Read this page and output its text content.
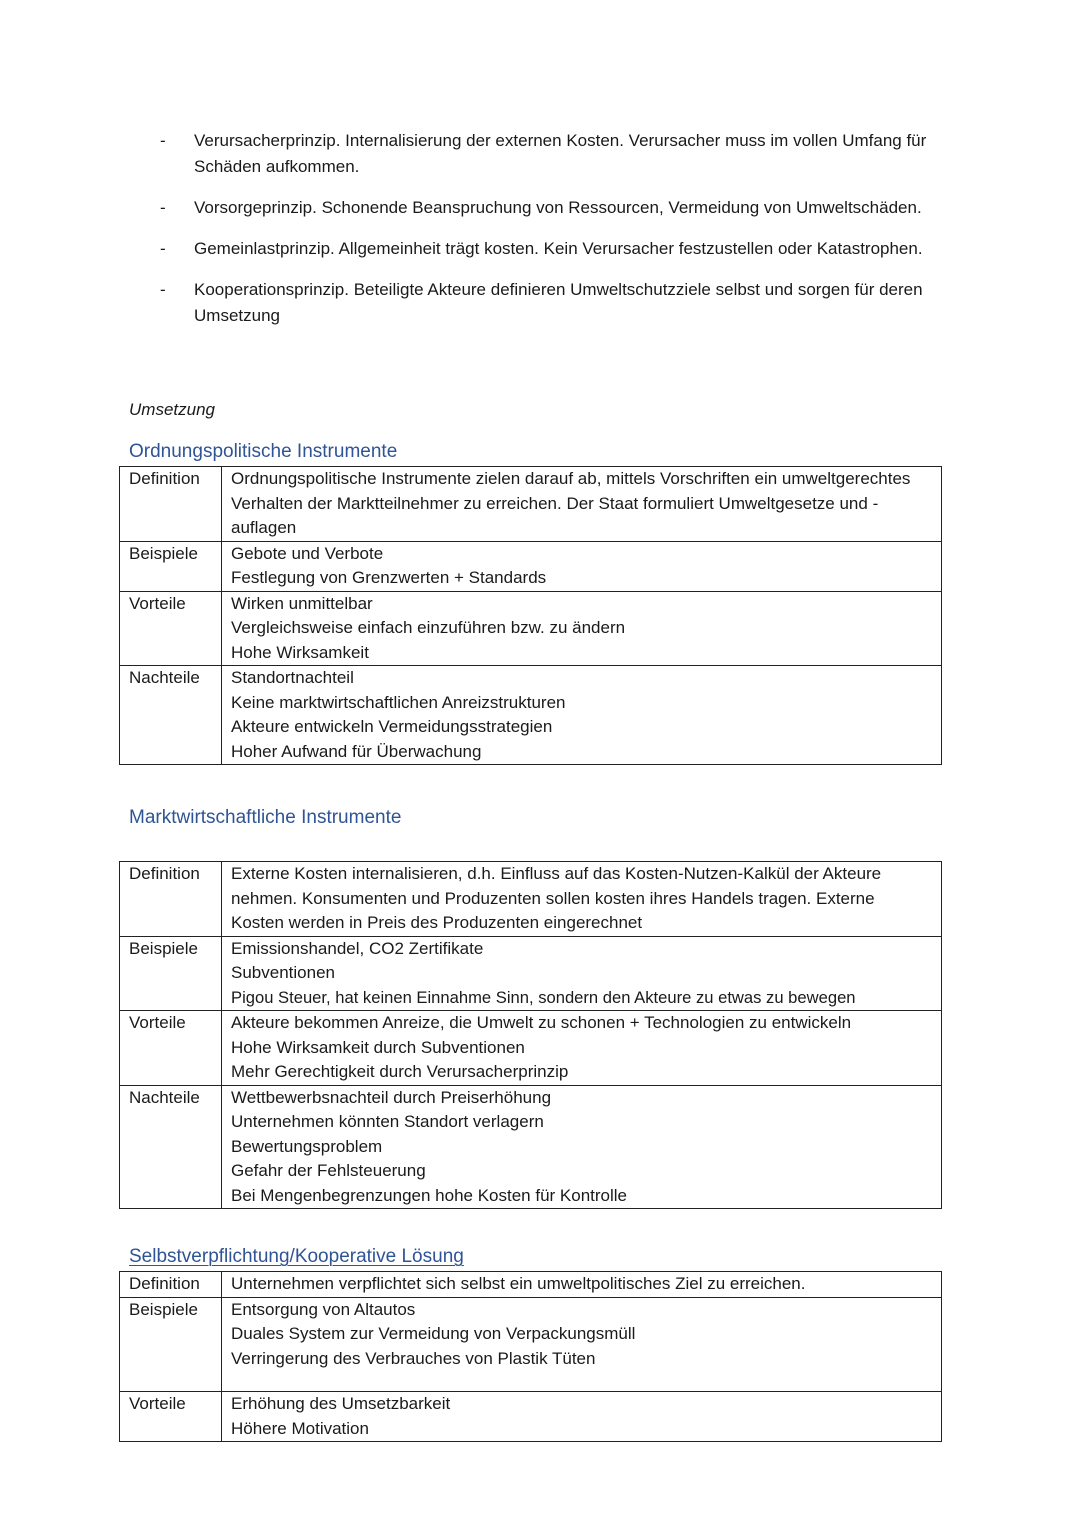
- Verursacherprinzip. Internalisierung der externen Kosten. Verursacher muss im vollen Umfang für Schäden aufkommen.
- Vorsorgeprinzip. Schonende Beanspruchung von Ressourcen, Vermeidung von Umweltschäden.
- Gemeinlastprinzip. Allgemeinheit trägt kosten. Kein Verursacher festzustellen oder Katastrophen.
- Kooperationsprinzip. Beteiligte Akteure definieren Umweltschutzziele selbst und sorgen für deren Umsetzung
Umsetzung
Ordnungspolitische Instrumente
Definition	Ordnungspolitische Instrumente zielen darauf ab, mittels Vorschriften ein umweltgerechtes Verhalten der Marktteilnehmer zu erreichen. Der Staat formuliert Umweltgesetze und -auflagen

Beispiele	Gebote und Verbote
Festlegung von Grenzwerten + Standards

Vorteile	Wirken unmittelbar
Vergleichsweise einfach einzuführen bzw. zu ändern
Hohe Wirksamkeit

Nachteile	Standortnachteil
Keine marktwirtschaftlichen Anreizstrukturen
Akteure entwickeln Vermeidungsstrategien
Hoher Aufwand für Überwachung
Marktwirtschaftliche Instrumente
Definition	Externe Kosten internalisieren, d.h. Einfluss auf das Kosten-Nutzen-Kalkül der Akteure nehmen. Konsumenten und Produzenten sollen kosten ihres Handels tragen. Externe Kosten werden in Preis des Produzenten eingerechnet

Beispiele	Emissionshandel, CO2 Zertifikate
Subventionen
Pigou Steuer, hat keinen Einnahme Sinn, sondern den Akteure zu etwas zu bewegen

Vorteile	Akteure bekommen Anreize, die Umwelt zu schonen + Technologien zu entwickeln
Hohe Wirksamkeit durch Subventionen
Mehr Gerechtigkeit durch Verursacherprinzip

Nachteile	Wettbewerbsnachteil durch Preiserhöhung
Unternehmen könnten Standort verlagern
Bewertungsproblem
Gefahr der Fehlsteuerung
Bei Mengenbegrenzungen hohe Kosten für Kontrolle
Selbstverpflichtung/Kooperative Lösung
Definition	Unternehmen verpflichtet sich selbst ein umweltpolitisches Ziel zu erreichen.

Beispiele	Entsorgung von Altautos
Duales System zur Vermeidung von Verpackungsmüll
Verringerung des Verbrauches von Plastik Tüten

Vorteile	Erhöhung des Umsetzbarkeit
Höhere Motivation
